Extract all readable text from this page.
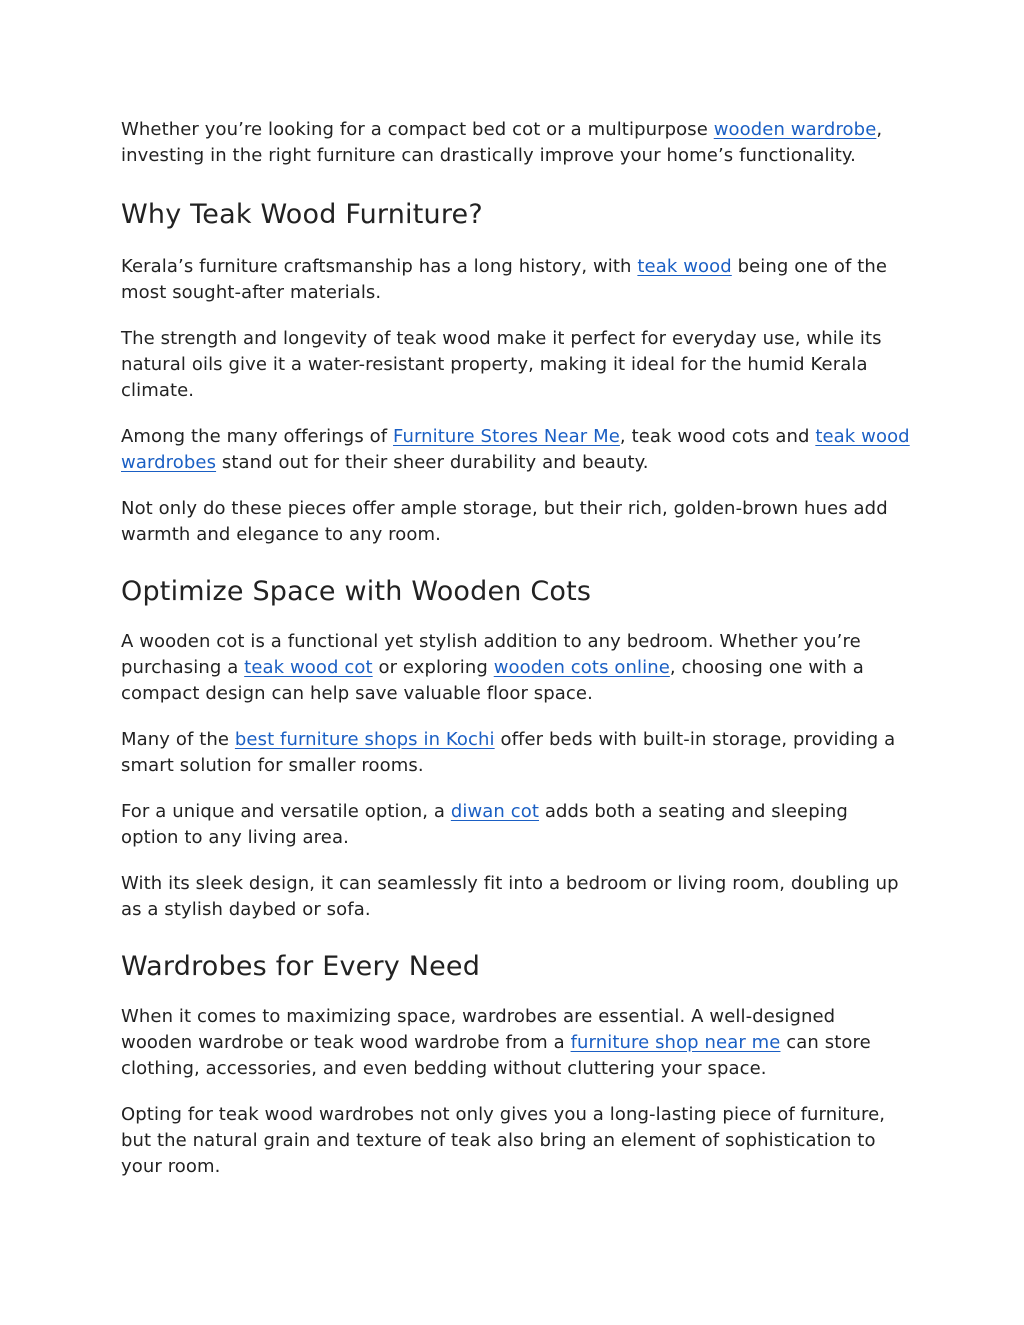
Whether you’re looking for a compact bed cot or a multipurpose wooden wardrobe, investing in the right furniture can drastically improve your home’s functionality.

Why Teak Wood Furniture?

Kerala’s furniture craftsmanship has a long history, with teak wood being one of the most sought-after materials.

The strength and longevity of teak wood make it perfect for everyday use, while its natural oils give it a water-resistant property, making it ideal for the humid Kerala climate.

Among the many offerings of Furniture Stores Near Me, teak wood cots and teak wood wardrobes stand out for their sheer durability and beauty.

Not only do these pieces offer ample storage, but their rich, golden-brown hues add warmth and elegance to any room.

Optimize Space with Wooden Cots

A wooden cot is a functional yet stylish addition to any bedroom. Whether you’re purchasing a teak wood cot or exploring wooden cots online, choosing one with a compact design can help save valuable floor space.

Many of the best furniture shops in Kochi offer beds with built-in storage, providing a smart solution for smaller rooms.

For a unique and versatile option, a diwan cot adds both a seating and sleeping option to any living area.

With its sleek design, it can seamlessly fit into a bedroom or living room, doubling up as a stylish daybed or sofa.

Wardrobes for Every Need

When it comes to maximizing space, wardrobes are essential. A well-designed wooden wardrobe or teak wood wardrobe from a furniture shop near me can store clothing, accessories, and even bedding without cluttering your space.

Opting for teak wood wardrobes not only gives you a long-lasting piece of furniture, but the natural grain and texture of teak also bring an element of sophistication to your room.
